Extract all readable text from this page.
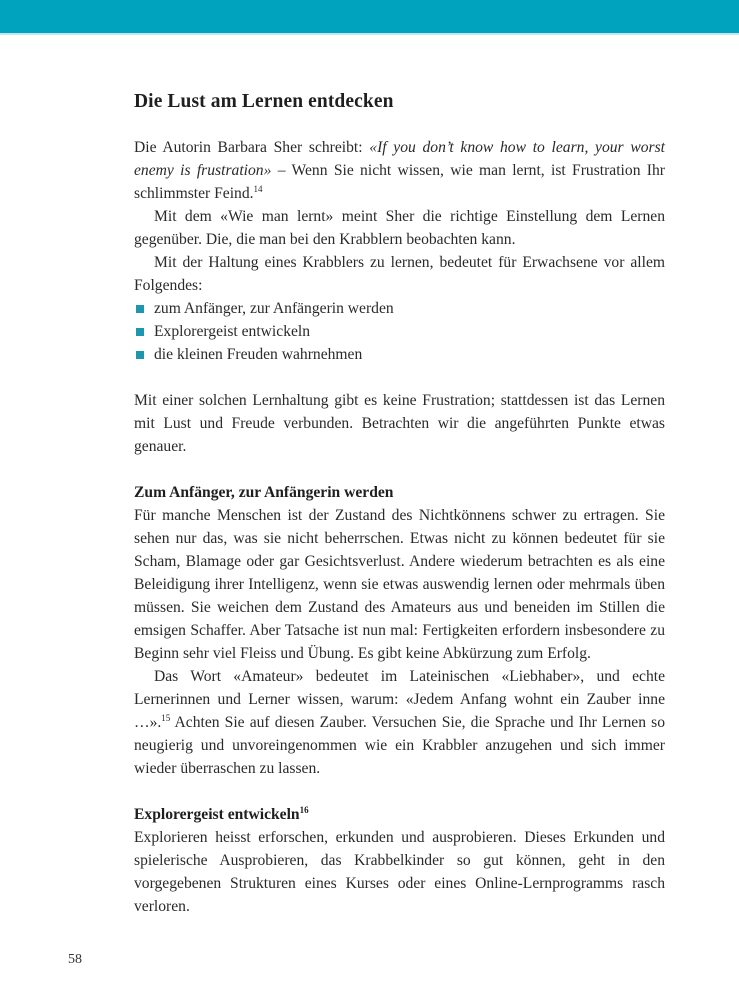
Die Lust am Lernen entdecken

Die Autorin Barbara Sher schreibt: «If you don’t know how to learn, your worst enemy is frustration» – Wenn Sie nicht wissen, wie man lernt, ist Frustration Ihr schlimmster Feind.$^{14}$

Mit dem «Wie man lernt» meint Sher die richtige Einstellung dem Lernen gegenüber. Die, die man bei den Krabblern beobachten kann.

Mit der Haltung eines Krabblers zu lernen, bedeutet für Erwachsene vor allem Folgendes:

zum Anfänger, zur Anfängerin werden
Explorergeist entwickeln
die kleinen Freuden wahrnehmen

Mit einer solchen Lernhaltung gibt es keine Frustration; stattdessen ist das Lernen mit Lust und Freude verbunden. Betrachten wir die angeführten Punkte etwas genauer.

Zum Anfänger, zur Anfängerin werden

Für manche Menschen ist der Zustand des Nichtkönnens schwer zu ertragen. Sie sehen nur das, was sie nicht beherrschen. Etwas nicht zu können bedeutet für sie Scham, Blamage oder gar Gesichtsverlust. Andere wiederum betrachten es als eine Beleidigung ihrer Intelligenz, wenn sie etwas auswendig lernen oder mehrmals üben müssen. Sie weichen dem Zustand des Amateurs aus und beneiden im Stillen die emsigen Schaffer. Aber Tatsache ist nun mal: Fertigkeiten erfordern insbesondere zu Beginn sehr viel Fleiss und Übung. Es gibt keine Abkürzung zum Erfolg.

Das Wort «Amateur» bedeutet im Lateinischen «Liebhaber», und echte Lernerinnen und Lerner wissen, warum: «Jedem Anfang wohnt ein Zauber inne …».$^{15}$ Achten Sie auf diesen Zauber. Versuchen Sie, die Sprache und Ihr Lernen so neugierig und unvoreingenommen wie ein Krabbler anzugehen und sich immer wieder überraschen zu lassen.

Explorergeist entwickeln$^{16}$

Explorieren heisst erforschen, erkunden und ausprobieren. Dieses Erkunden und spielerische Ausprobieren, das Krabbelkinder so gut können, geht in den vorgegebenen Strukturen eines Kurses oder eines Online-Lernprogramms rasch verloren.

58
